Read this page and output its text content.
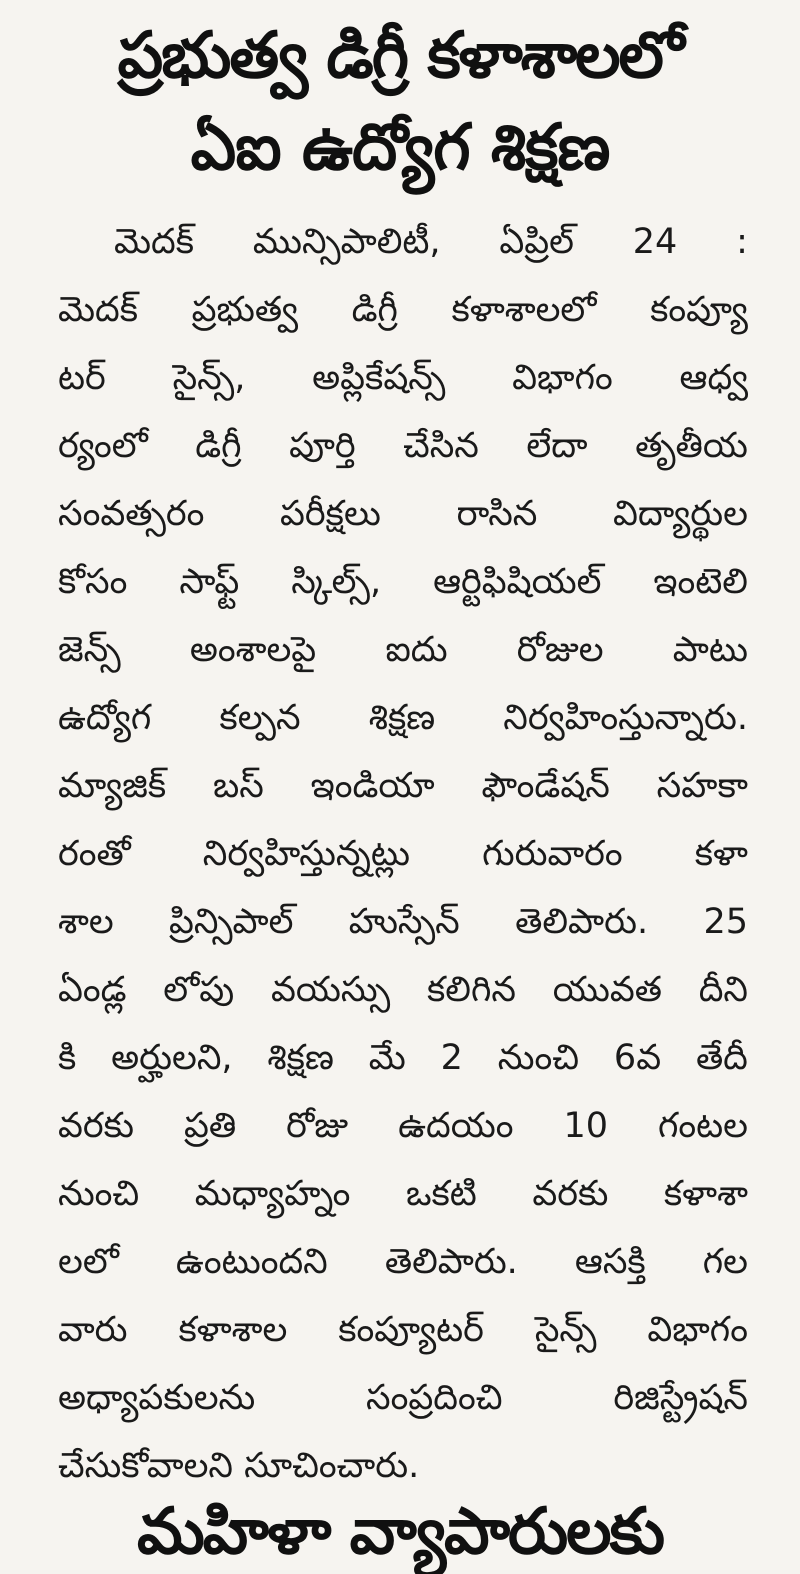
ప్రభుత్వ డిగ్రీ కళాశాలలో
ఏఐ ఉద్యోగ శిక్షణ
మెదక్ మున్సిపాలిటీ, ఏప్రిల్ 24 :
మెదక్ ప్రభుత్వ డిగ్రీ కళాశాలలో కంప్యూ
టర్ సైన్స్, అప్లికేషన్స్ విభాగం ఆధ్వ
ర్యంలో డిగ్రీ పూర్తి చేసిన లేదా తృతీయ
సంవత్సరం పరీక్షలు రాసిన విద్యార్థుల
కోసం సాఫ్ట్ స్కిల్స్, ఆర్టిఫిషియల్ ఇంటెలి
జెన్స్ అంశాలపై ఐదు రోజుల పాటు
ఉద్యోగ కల్పన శిక్షణ నిర్వహింస్తున్నారు.
మ్యాజిక్ బస్ ఇండియా ఫౌండేషన్ సహకా
రంతో నిర్వహిస్తున్నట్లు గురువారం కళా
శాల ప్రిన్సిపాల్ హుస్సేన్ తెలిపారు. 25
ఏండ్ల లోపు వయస్సు కలిగిన యువత దీని
కి అర్హులని, శిక్షణ మే 2 నుంచి 6వ తేదీ
వరకు ప్రతి రోజు ఉదయం 10 గంటల
నుంచి మధ్యాహ్నం ఒకటి వరకు కళాశా
లలో ఉంటుందని తెలిపారు. ఆసక్తి గల
వారు కళాశాల కంప్యూటర్ సైన్స్ విభాగం
అధ్యాపకులను	సంప్రదించి	రిజిస్ట్రేషన్
చేసుకోవాలని సూచించారు.
మహిళా వ్యాపారులకు
